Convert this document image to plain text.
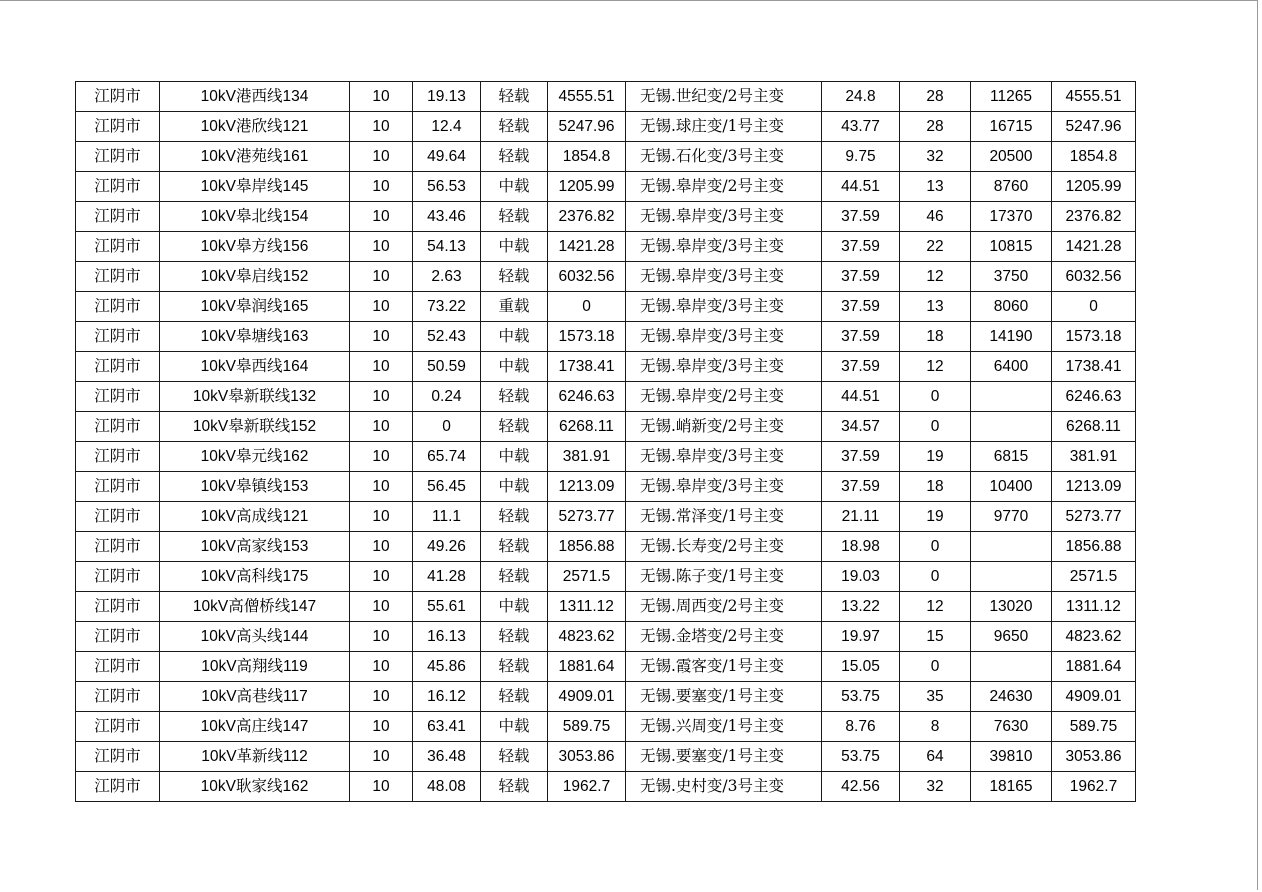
江阴市	10kV港西线134	10	19.13	轻载	4555.51	无锡.世纪变/2号主变	24.8	28	11265	4555.51
江阴市	10kV港欣线121	10	12.4	轻载	5247.96	无锡.球庄变/1号主变	43.77	28	16715	5247.96
江阴市	10kV港苑线161	10	49.64	轻载	1854.8	无锡.石化变/3号主变	9.75	32	20500	1854.8
江阴市	10kV皋岸线145	10	56.53	中载	1205.99	无锡.皋岸变/2号主变	44.51	13	8760	1205.99
江阴市	10kV皋北线154	10	43.46	轻载	2376.82	无锡.皋岸变/3号主变	37.59	46	17370	2376.82
江阴市	10kV皋方线156	10	54.13	中载	1421.28	无锡.皋岸变/3号主变	37.59	22	10815	1421.28
江阴市	10kV皋启线152	10	2.63	轻载	6032.56	无锡.皋岸变/3号主变	37.59	12	3750	6032.56
江阴市	10kV皋润线165	10	73.22	重载	0	无锡.皋岸变/3号主变	37.59	13	8060	0
江阴市	10kV皋塘线163	10	52.43	中载	1573.18	无锡.皋岸变/3号主变	37.59	18	14190	1573.18
江阴市	10kV皋西线164	10	50.59	中载	1738.41	无锡.皋岸变/3号主变	37.59	12	6400	1738.41
江阴市	10kV皋新联线132	10	0.24	轻载	6246.63	无锡.皋岸变/2号主变	44.51	0		6246.63
江阴市	10kV皋新联线152	10	0	轻载	6268.11	无锡.峭新变/2号主变	34.57	0		6268.11
江阴市	10kV皋元线162	10	65.74	中载	381.91	无锡.皋岸变/3号主变	37.59	19	6815	381.91
江阴市	10kV皋镇线153	10	56.45	中载	1213.09	无锡.皋岸变/3号主变	37.59	18	10400	1213.09
江阴市	10kV高成线121	10	11.1	轻载	5273.77	无锡.常泽变/1号主变	21.11	19	9770	5273.77
江阴市	10kV高家线153	10	49.26	轻载	1856.88	无锡.长寿变/2号主变	18.98	0		1856.88
江阴市	10kV高科线175	10	41.28	轻载	2571.5	无锡.陈子变/1号主变	19.03	0		2571.5
江阴市	10kV高僧桥线147	10	55.61	中载	1311.12	无锡.周西变/2号主变	13.22	12	13020	1311.12
江阴市	10kV高头线144	10	16.13	轻载	4823.62	无锡.金塔变/2号主变	19.97	15	9650	4823.62
江阴市	10kV高翔线119	10	45.86	轻载	1881.64	无锡.霞客变/1号主变	15.05	0		1881.64
江阴市	10kV高巷线117	10	16.12	轻载	4909.01	无锡.要塞变/1号主变	53.75	35	24630	4909.01
江阴市	10kV高庄线147	10	63.41	中载	589.75	无锡.兴周变/1号主变	8.76	8	7630	589.75
江阴市	10kV革新线112	10	36.48	轻载	3053.86	无锡.要塞变/1号主变	53.75	64	39810	3053.86
江阴市	10kV耿家线162	10	48.08	轻载	1962.7	无锡.史村变/3号主变	42.56	32	18165	1962.7
